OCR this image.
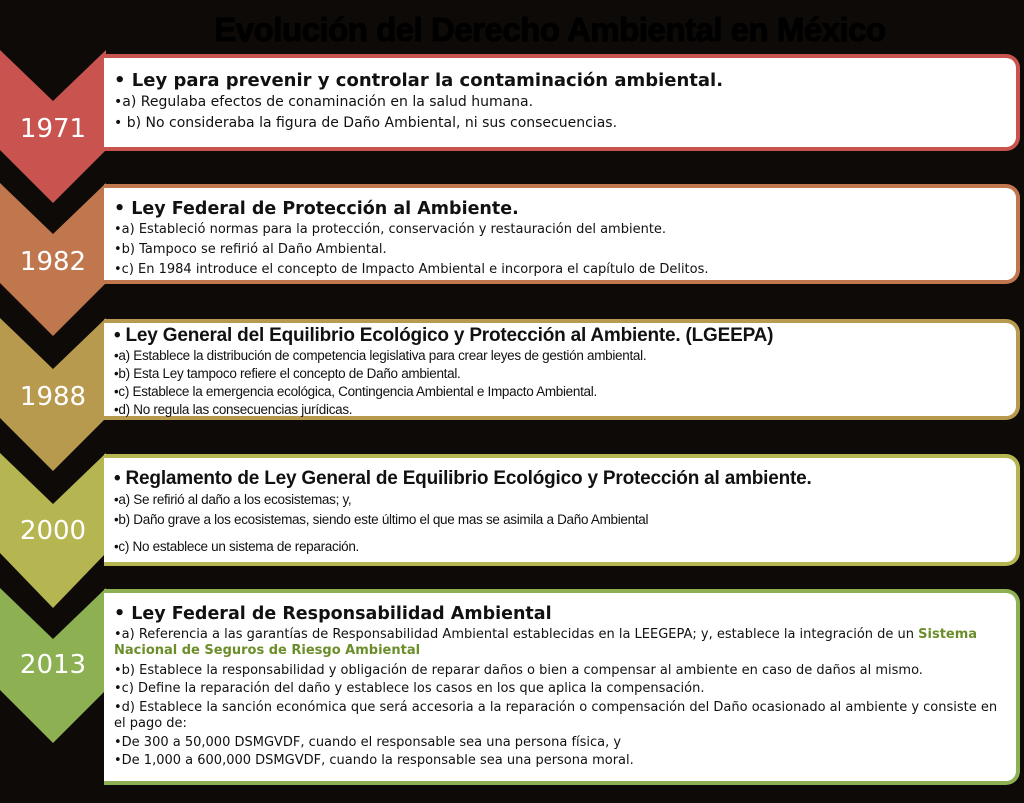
Evolución del Derecho Ambiental en México
1971
1982
1988
2000
2013
• Ley para prevenir y controlar la contaminación ambiental.
•a) Regulaba efectos de conaminación en la salud humana.
• b) No consideraba la figura de Daño Ambiental, ni sus consecuencias.
• Ley Federal de Protección al Ambiente.
•a) Estableció normas para la protección, conservación y restauración del ambiente.
•b) Tampoco se refirió al Daño Ambiental.
•c) En 1984 introduce el concepto de Impacto Ambiental e incorpora el capítulo de Delitos.
• Ley General del Equilibrio Ecológico y Protección al Ambiente. (LGEEPA)
•a) Establece la distribución de competencia legislativa para crear leyes de gestión ambiental.
•b) Esta Ley tampoco refiere el concepto de Daño ambiental.
•c) Establece la emergencia ecológica, Contingencia Ambiental e Impacto Ambiental.
•d) No regula las consecuencias jurídicas.
• Reglamento de Ley General de Equilibrio Ecológico y Protección al ambiente.
•a) Se refirió al daño a los ecosistemas; y,
•b) Daño grave a los ecosistemas, siendo este último el que mas se asimila a Daño Ambiental
•c) No establece un sistema de reparación.
• Ley Federal de Responsabilidad Ambiental
•a) Referencia a las garantías de Responsabilidad Ambiental establecidas en la LEEGEPA; y, establece la integración de un Sistema Nacional de Seguros de Riesgo Ambiental
•b) Establece la responsabilidad y obligación de reparar daños o bien a compensar al ambiente en caso de daños al mismo.
•c) Define la reparación del daño y establece los casos en los que aplica la compensación.
•d) Establece la sanción económica que será accesoria a la reparación o compensación del Daño ocasionado al ambiente y consiste en el pago de:
•De 300 a 50,000 DSMGVDF, cuando el responsable sea una persona física, y
•De 1,000 a 600,000 DSMGVDF, cuando la responsable sea una persona moral.
